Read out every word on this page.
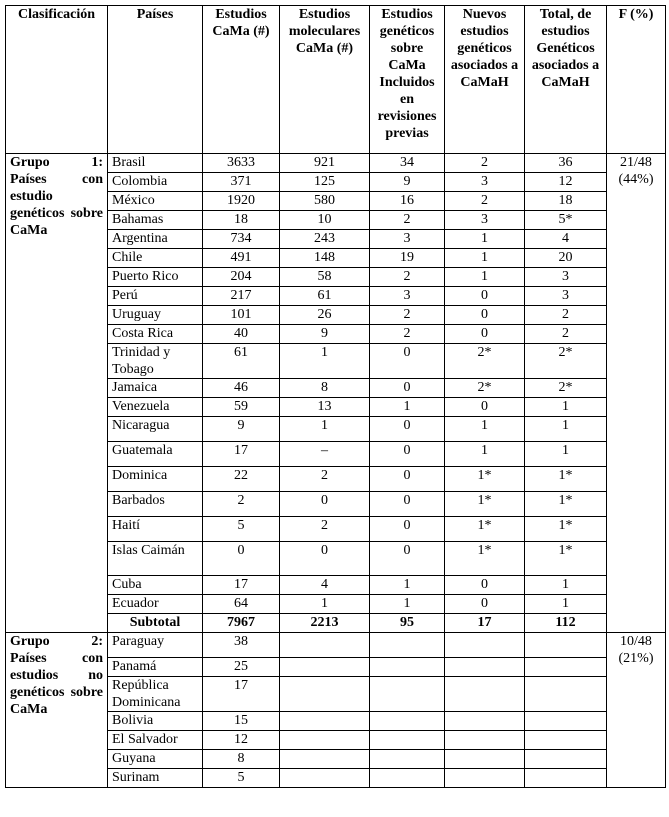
Clasificación	Países	Estudios CaMa (#)	Estudios moleculares CaMa (#)	Estudios genéticos sobre CaMa Incluidos en revisiones previas	Nuevos estudios genéticos asociados a CaMaH	Total, de estudios Genéticos asociados a CaMaH	F (%)
Grupo 1: Países con estudio genéticos sobre CaMa	Brasil	3633	921	34	2	36	21/48
(44%)

	Colombia	371	125	9	3	12	
	México	1920	580	16	2	18	
	Bahamas	18	10	2	3	5*	
	Argentina	734	243	3	1	4	
	Chile	491	148	19	1	20	
	Puerto Rico	204	58	2	1	3	
	Perú	217	61	3	0	3	
	Uruguay	101	26	2	0	2	
	Costa Rica	40	9	2	0	2	
	Trinidad y Tobago	61	1	0	2*	2*	
	Jamaica	46	8	0	2*	2*	
	Venezuela	59	13	1	0	1	
	Nicaragua	9	1	0	1	1	
	Guatemala	17	–	0	1	1	
	Dominica	22	2	0	1*	1*	
	Barbados	2	0	0	1*	1*	
	Haití	5	2	0	1*	1*	
	Islas Caimán	0	0	0	1*	1*	
	Cuba	17	4	1	0	1	
	Ecuador	64	1	1	0	1	
	Subtotal	7967	2213	95	17	112	
Grupo 2: Países con estudios no genéticos sobre CaMa	Paraguay	38					10/48
(21%)

	Panamá	25					
	República Dominicana	17					
	Bolivia	15					
	El Salvador	12					
	Guyana	8					
	Surinam	5					
